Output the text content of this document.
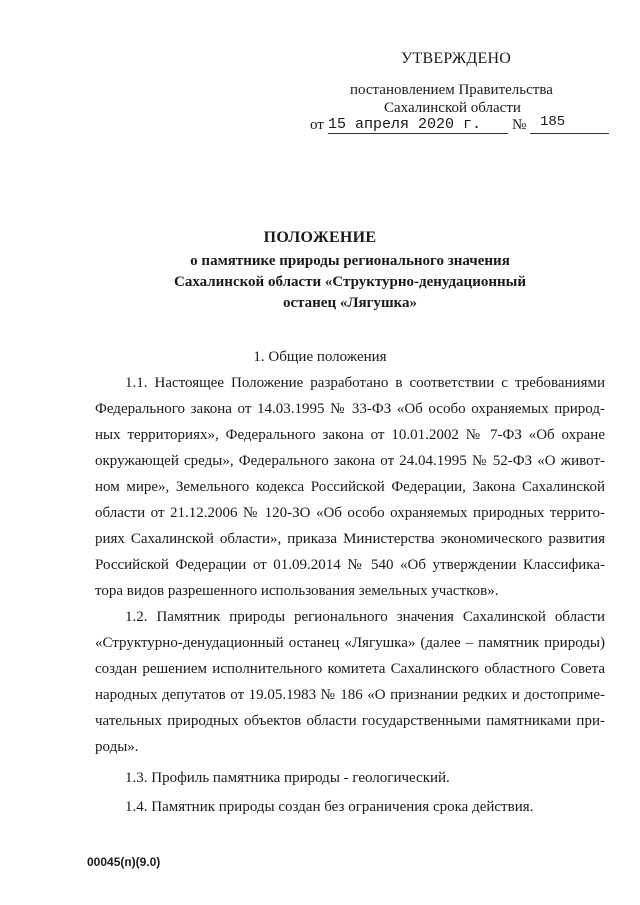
УТВЕРЖДЕНО
постановлением Правительства
Сахалинской области
от 15 апреля 2020 г. № 185
ПОЛОЖЕНИЕ
о памятнике природы регионального значения
Сахалинской области «Структурно-денудационный
останец «Лягушка»
1. Общие положения
1.1. Настоящее Положение разработано в соответствии с требованиями
Федерального закона от 14.03.1995 № 33-ФЗ «Об особо охраняемых природ-
ных территориях», Федерального закона от 10.01.2002 № 7-ФЗ «Об охране
окружающей среды», Федерального закона от 24.04.1995 № 52-ФЗ «О живот-
ном мире», Земельного кодекса Российской Федерации, Закона Сахалинской
области от 21.12.2006 № 120-ЗО «Об особо охраняемых природных террито-
риях Сахалинской области», приказа Министерства экономического развития
Российской Федерации от 01.09.2014 № 540 «Об утверждении Классифика-
тора видов разрешенного использования земельных участков».
1.2. Памятник природы регионального значения Сахалинской области
«Структурно-денудационный останец «Лягушка» (далее – памятник природы)
создан решением исполнительного комитета Сахалинского областного Совета
народных депутатов от 19.05.1983 № 186 «О признании редких и достоприме-
чательных природных объектов области государственными памятниками при-
роды».
1.3. Профиль памятника природы - геологический.
1.4. Памятник природы создан без ограничения срока действия.
00045(п)(9.0)
